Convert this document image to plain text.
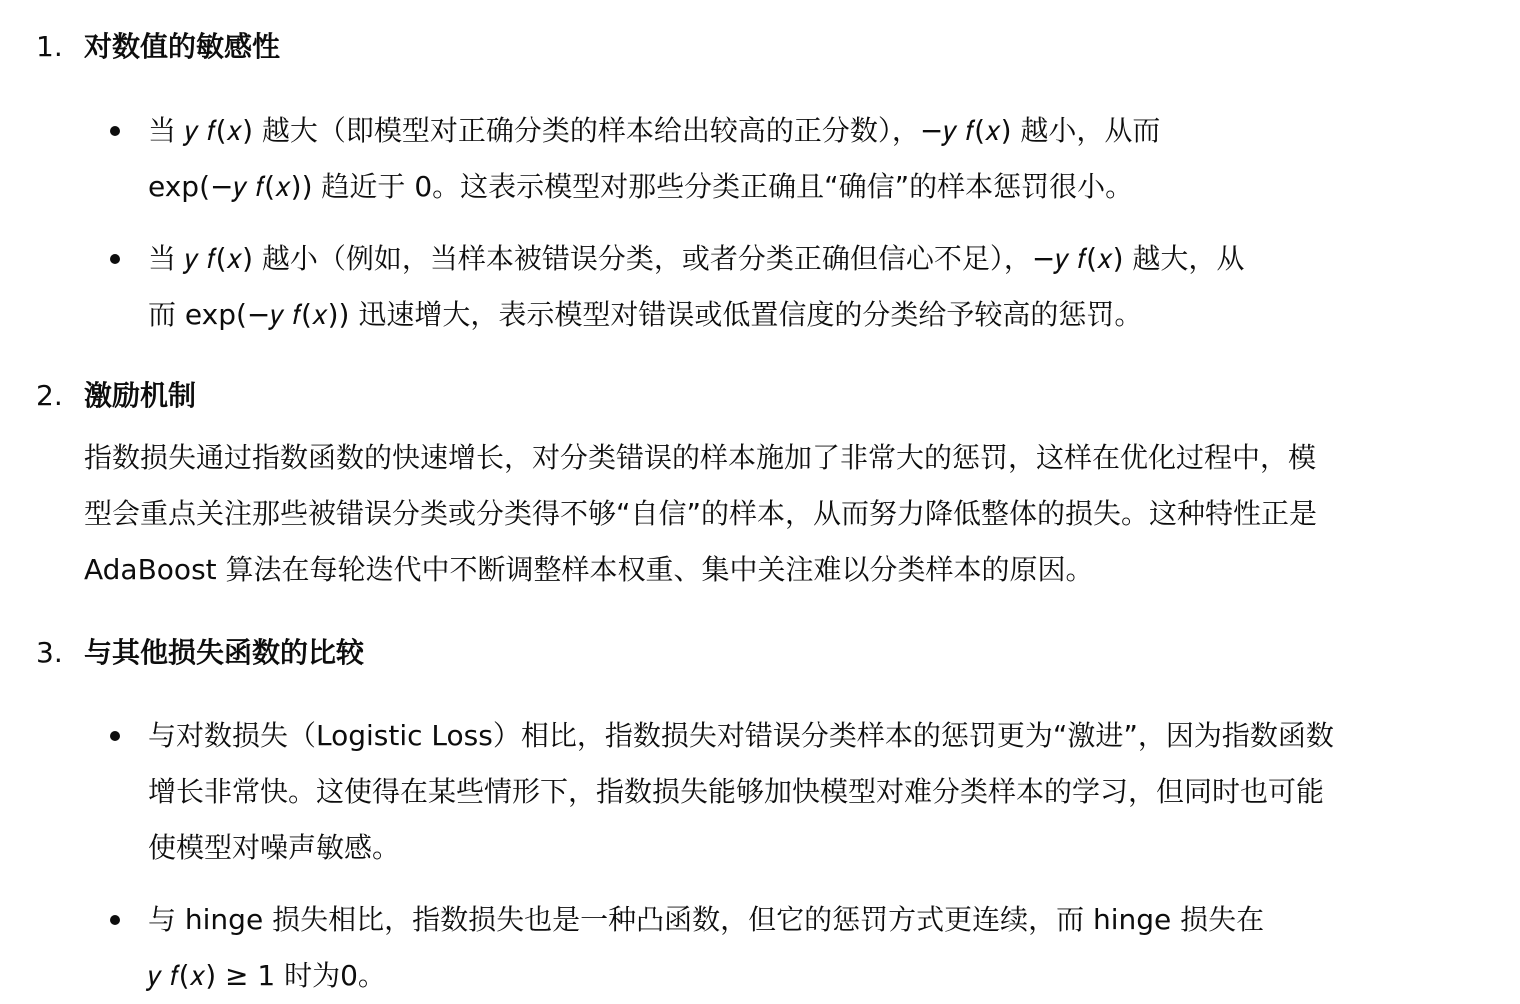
1. 对数值的敏感性
当 𝑦 𝑓(𝑥) 越大（即模型对正确分类的样本给出较高的正分数），−𝑦 𝑓(𝑥) 越小，从而
exp(−𝑦 𝑓(𝑥)) 趋近于 0。这表示模型对那些分类正确且“确信”的样本惩罚很小。
当 𝑦 𝑓(𝑥) 越小（例如，当样本被错误分类，或者分类正确但信心不足），−𝑦 𝑓(𝑥) 越大，从
而 exp(−𝑦 𝑓(𝑥)) 迅速增大，表示模型对错误或低置信度的分类给予较高的惩罚。
2. 激励机制
指数损失通过指数函数的快速增长，对分类错误的样本施加了非常大的惩罚，这样在优化过程中，模
型会重点关注那些被错误分类或分类得不够“自信”的样本，从而努力降低整体的损失。这种特性正是
AdaBoost 算法在每轮迭代中不断调整样本权重、集中关注难以分类样本的原因。
3. 与其他损失函数的比较
与对数损失（Logistic Loss）相比，指数损失对错误分类样本的惩罚更为“激进”，因为指数函数
增长非常快。这使得在某些情形下，指数损失能够加快模型对难分类样本的学习，但同时也可能
使模型对噪声敏感。
与 hinge 损失相比，指数损失也是一种凸函数，但它的惩罚方式更连续，而 hinge 损失在
𝑦 𝑓(𝑥) ≥ 1 时为0。
